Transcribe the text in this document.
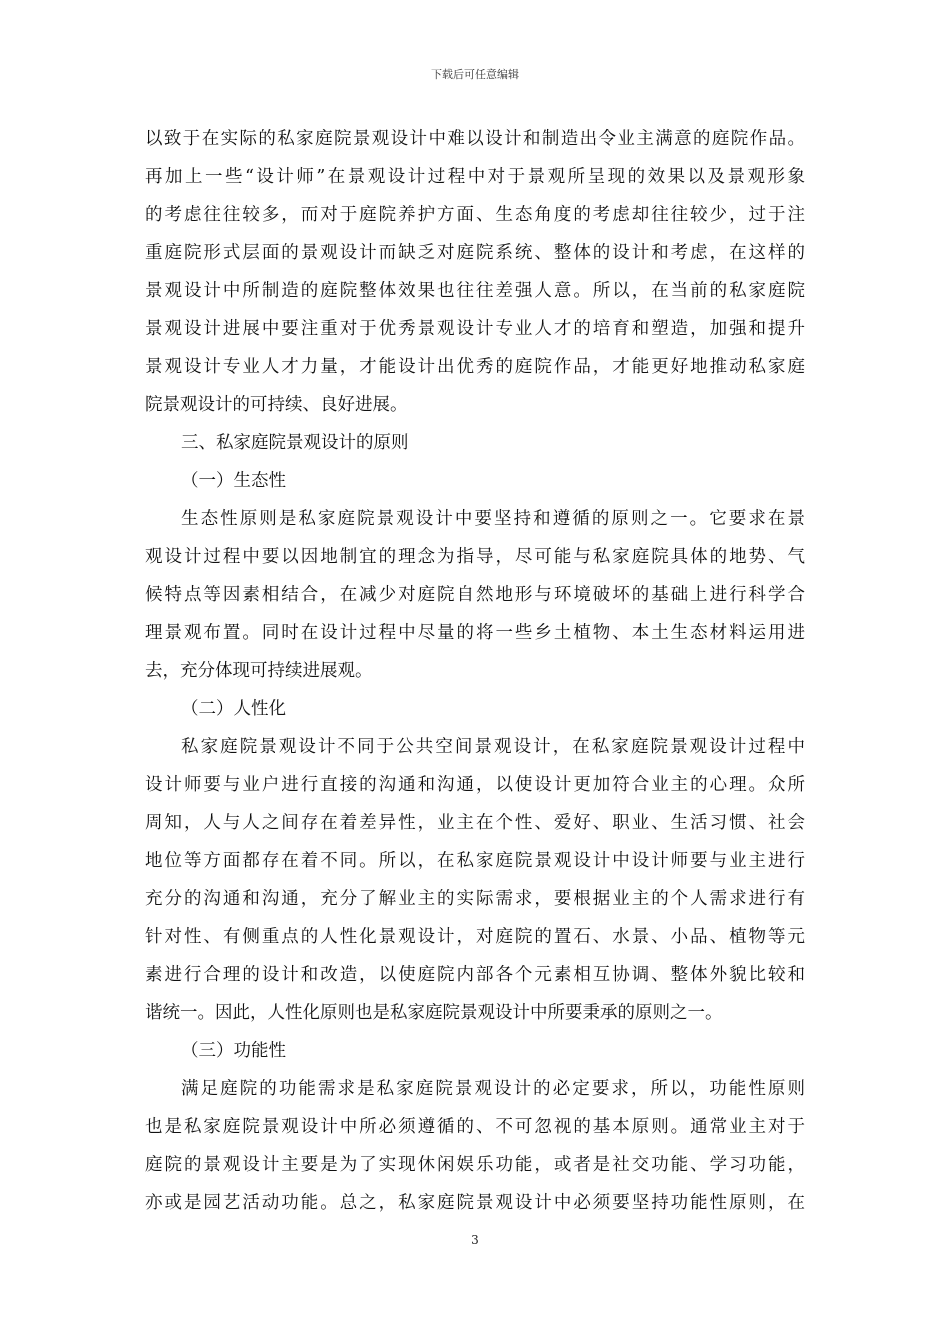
下载后可任意编辑
以致于在实际的私家庭院景观设计中难以设计和制造出令业主满意的庭院作品。
再加上一些“设计师”在景观设计过程中对于景观所呈现的效果以及景观形象
的考虑往往较多，而对于庭院养护方面、生态角度的考虑却往往较少，过于注
重庭院形式层面的景观设计而缺乏对庭院系统、整体的设计和考虑，在这样的
景观设计中所制造的庭院整体效果也往往差强人意。所以，在当前的私家庭院
景观设计进展中要注重对于优秀景观设计专业人才的培育和塑造，加强和提升
景观设计专业人才力量，才能设计出优秀的庭院作品，才能更好地推动私家庭
院景观设计的可持续、良好进展。
三、私家庭院景观设计的原则
（一）生态性
生态性原则是私家庭院景观设计中要坚持和遵循的原则之一。它要求在景
观设计过程中要以因地制宜的理念为指导，尽可能与私家庭院具体的地势、气
候特点等因素相结合，在减少对庭院自然地形与环境破坏的基础上进行科学合
理景观布置。同时在设计过程中尽量的将一些乡土植物、本土生态材料运用进
去，充分体现可持续进展观。
（二）人性化
私家庭院景观设计不同于公共空间景观设计，在私家庭院景观设计过程中
设计师要与业户进行直接的沟通和沟通，以使设计更加符合业主的心理。众所
周知，人与人之间存在着差异性，业主在个性、爱好、职业、生活习惯、社会
地位等方面都存在着不同。所以，在私家庭院景观设计中设计师要与业主进行
充分的沟通和沟通，充分了解业主的实际需求，要根据业主的个人需求进行有
针对性、有侧重点的人性化景观设计，对庭院的置石、水景、小品、植物等元
素进行合理的设计和改造，以使庭院内部各个元素相互协调、整体外貌比较和
谐统一。因此，人性化原则也是私家庭院景观设计中所要秉承的原则之一。
（三）功能性
满足庭院的功能需求是私家庭院景观设计的必定要求，所以，功能性原则
也是私家庭院景观设计中所必须遵循的、不可忽视的基本原则。通常业主对于
庭院的景观设计主要是为了实现休闲娱乐功能，或者是社交功能、学习功能，
亦或是园艺活动功能。总之，私家庭院景观设计中必须要坚持功能性原则，在
3
